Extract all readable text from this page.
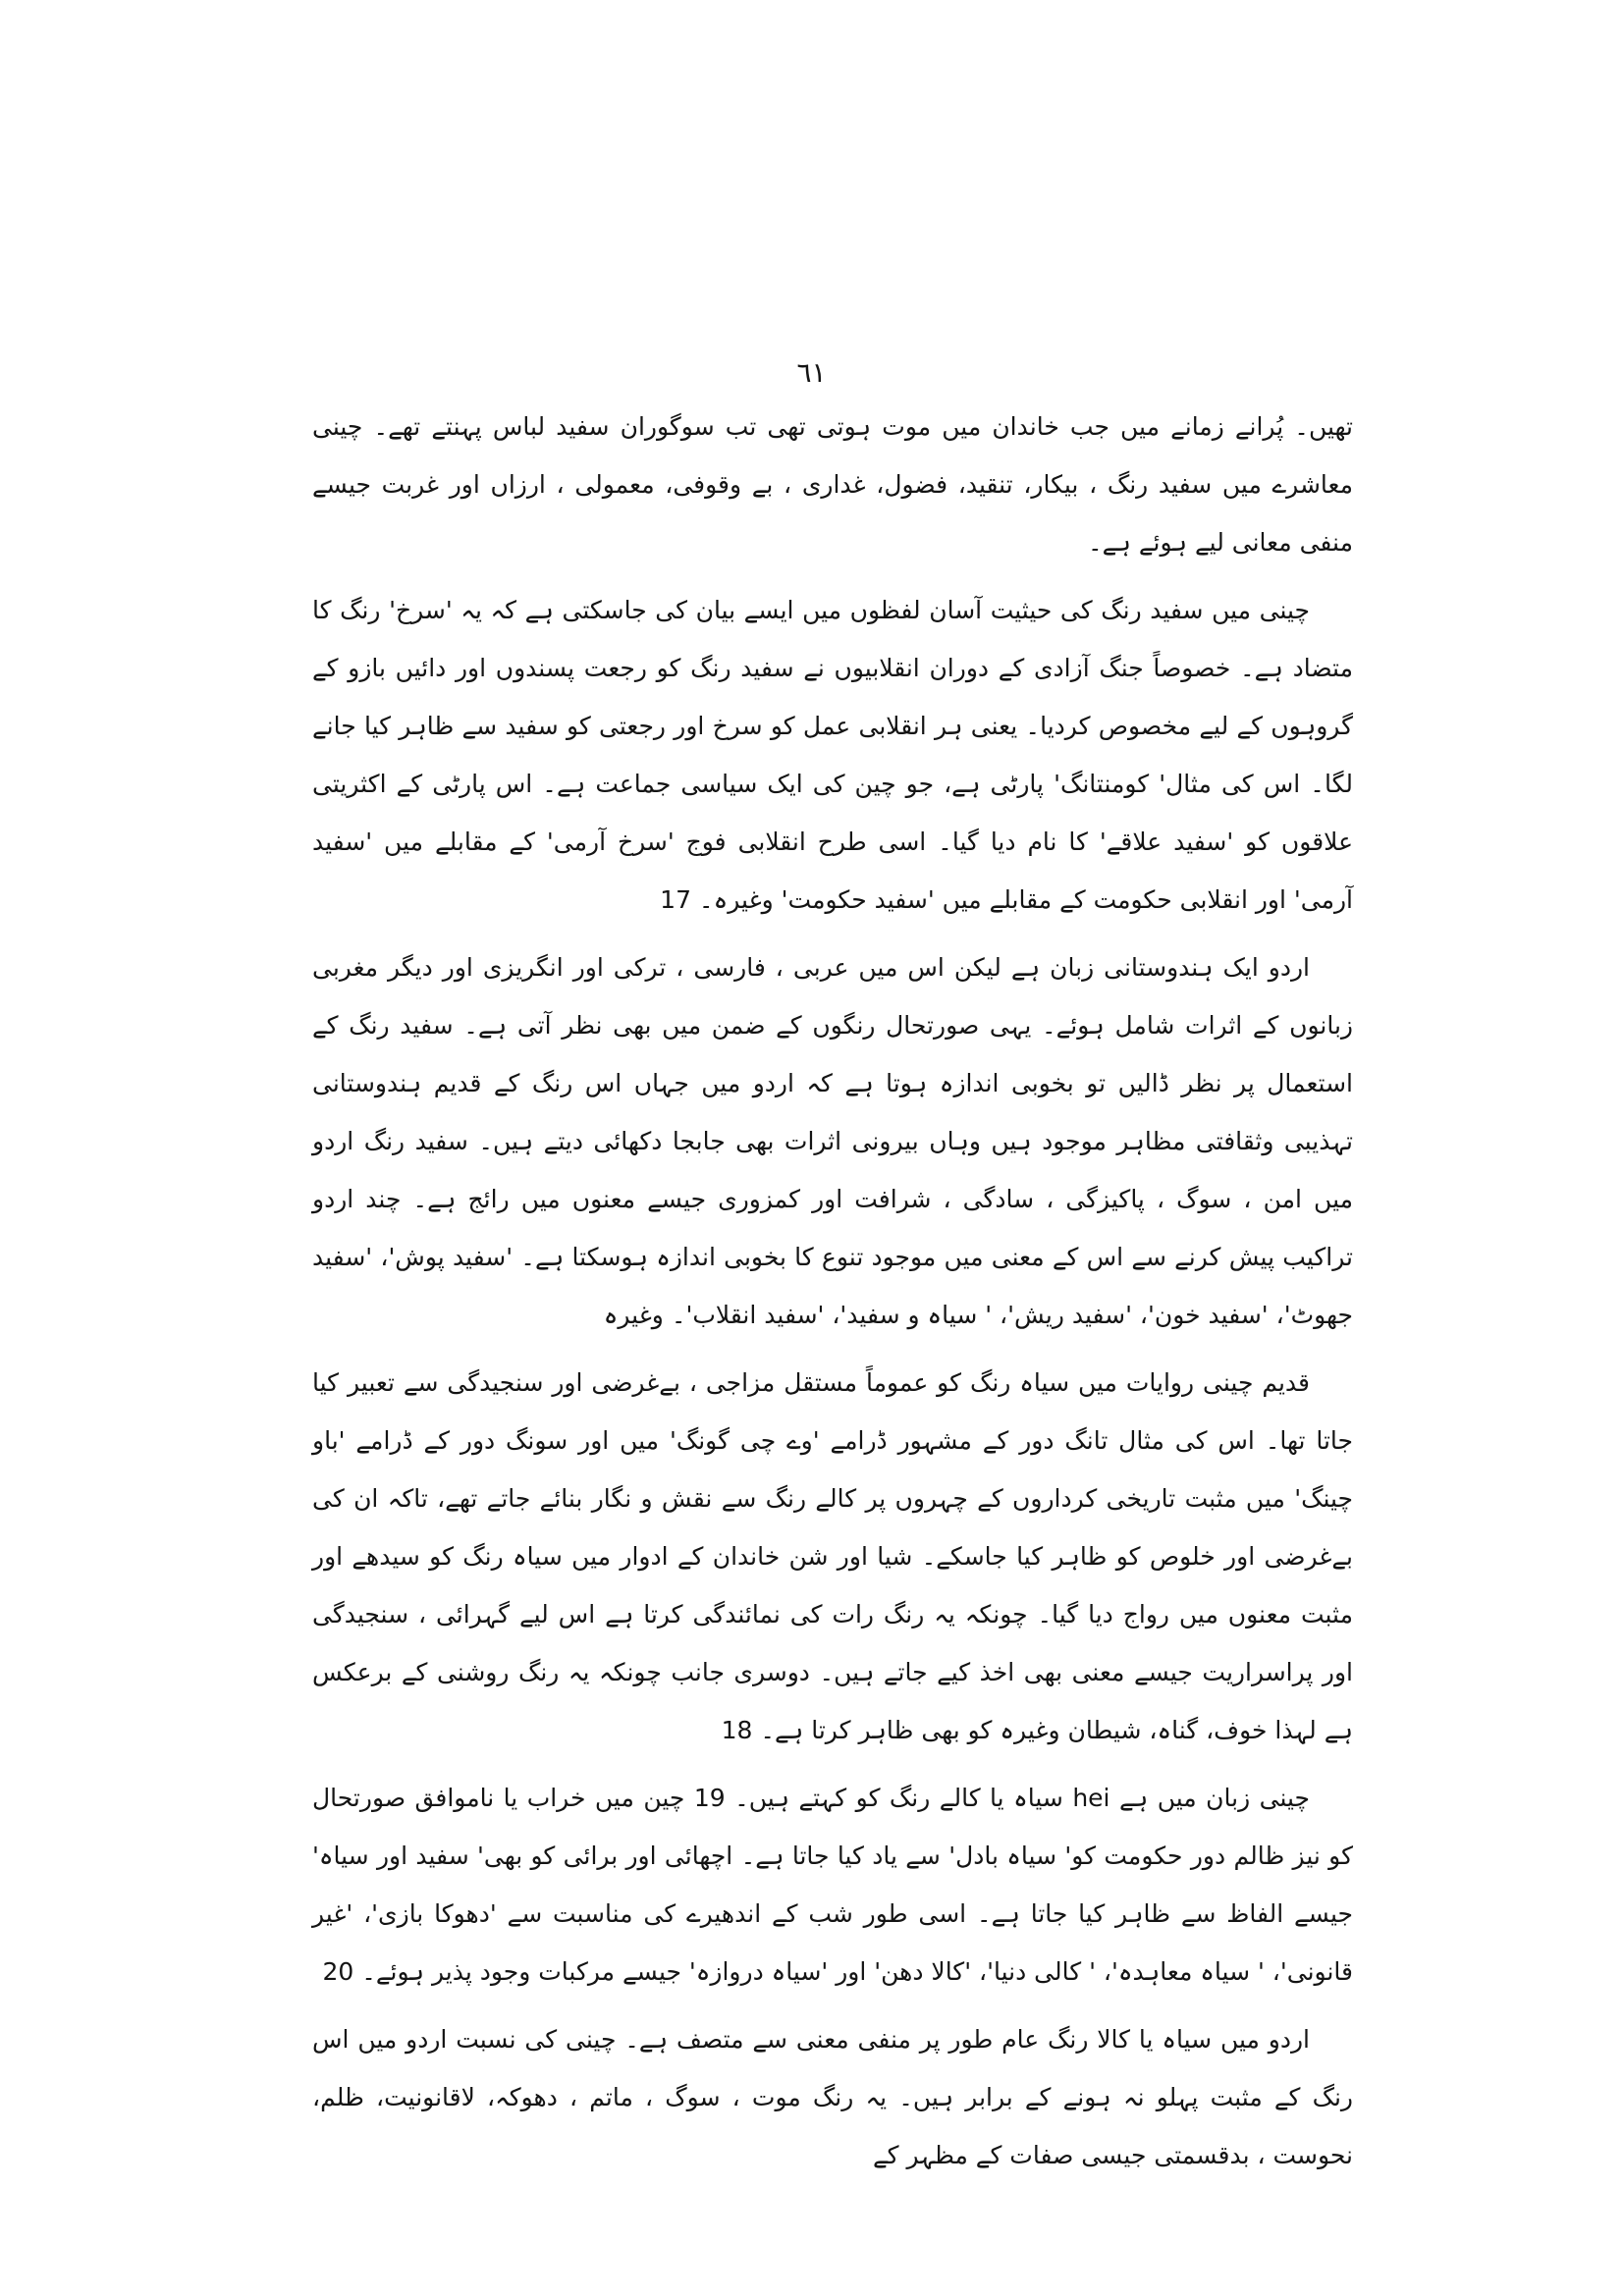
٦١

تھیں۔ پُرانے زمانے میں جب خاندان میں موت ہوتی تھی تب سوگوران سفید لباس پہنتے تھے۔ چینی معاشرے میں سفید رنگ ، بیکار، تنقید، فضول، غداری ، بے وقوفی، معمولی ، ارزاں اور غربت جیسے منفی معانی لیے ہوئے ہے۔

چینی میں سفید رنگ کی حیثیت آسان لفظوں میں ایسے بیان کی جاسکتی ہے کہ یہ 'سرخ' رنگ کا متضاد ہے۔ خصوصاً جنگ آزادی کے دوران انقلابیوں نے سفید رنگ کو رجعت پسندوں اور دائیں بازو کے گروہوں کے لیے مخصوص کردیا۔ یعنی ہر انقلابی عمل کو سرخ اور رجعتی کو سفید سے ظاہر کیا جانے لگا۔ اس کی مثال' کومنتانگ' پارٹی ہے، جو چین کی ایک سیاسی جماعت ہے۔ اس پارٹی کے اکثریتی علاقوں کو 'سفید علاقے' کا نام دیا گیا۔ اسی طرح انقلابی فوج 'سرخ آرمی' کے مقابلے میں 'سفید آرمی' اور انقلابی حکومت کے مقابلے میں 'سفید حکومت' وغیرہ۔ 17

اردو ایک ہندوستانی زبان ہے لیکن اس میں عربی ، فارسی ، ترکی اور انگریزی اور دیگر مغربی زبانوں کے اثرات شامل ہوئے۔ یہی صورتحال رنگوں کے ضمن میں بھی نظر آتی ہے۔ سفید رنگ کے استعمال پر نظر ڈالیں تو بخوبی اندازہ ہوتا ہے کہ اردو میں جہاں اس رنگ کے قدیم ہندوستانی تہذیبی وثقافتی مظاہر موجود ہیں وہاں بیرونی اثرات بھی جابجا دکھائی دیتے ہیں۔ سفید رنگ اردو میں امن ، سوگ ، پاکیزگی ، سادگی ، شرافت اور کمزوری جیسے معنوں میں رائج ہے۔ چند اردو تراکیب پیش کرنے سے اس کے معنی میں موجود تنوع کا بخوبی اندازہ ہوسکتا ہے۔ 'سفید پوش'، 'سفید جھوٹ'، 'سفید خون'، 'سفید ریش'، ' سیاہ و سفید'، 'سفید انقلاب'۔ وغیرہ

قدیم چینی روایات میں سیاہ رنگ کو عموماً مستقل مزاجی ، بےغرضی اور سنجیدگی سے تعبیر کیا جاتا تھا۔ اس کی مثال تانگ دور کے مشہور ڈرامے 'وے چی گونگ' میں اور سونگ دور کے ڈرامے 'باو چینگ' میں مثبت تاریخی کرداروں کے چہروں پر کالے رنگ سے نقش و نگار بنائے جاتے تھے، تاکہ ان کی بےغرضی اور خلوص کو ظاہر کیا جاسکے۔ شیا اور شن خاندان کے ادوار میں سیاہ رنگ کو سیدھے اور مثبت معنوں میں رواج دیا گیا۔ چونکہ یہ رنگ رات کی نمائندگی کرتا ہے اس لیے گہرائی ، سنجیدگی اور پراسراریت جیسے معنی بھی اخذ کیے جاتے ہیں۔ دوسری جانب چونکہ یہ رنگ روشنی کے برعکس ہے لہذا خوف، گناہ، شیطان وغیرہ کو بھی ظاہر کرتا ہے۔ 18

چینی زبان میں ہے hei سیاہ یا کالے رنگ کو کہتے ہیں۔ 19 چین میں خراب یا ناموافق صورتحال کو نیز ظالم دور حکومت کو' سیاہ بادل' سے یاد کیا جاتا ہے۔ اچھائی اور برائی کو بھی' سفید اور سیاہ' جیسے الفاظ سے ظاہر کیا جاتا ہے۔ اسی طور شب کے اندھیرے کی مناسبت سے 'دھوکا بازی'، 'غیر قانونی'، ' سیاہ معاہدہ'، ' کالی دنیا'، 'کالا دھن' اور 'سیاہ دروازہ' جیسے مرکبات وجود پذیر ہوئے۔ 20

اردو میں سیاہ یا کالا رنگ عام طور پر منفی معنی سے متصف ہے۔ چینی کی نسبت اردو میں اس رنگ کے مثبت پہلو نہ ہونے کے برابر ہیں۔ یہ رنگ موت ، سوگ ، ماتم ، دھوکہ، لاقانونیت، ظلم، نحوست ، بدقسمتی جیسی صفات کے مظہر کے
